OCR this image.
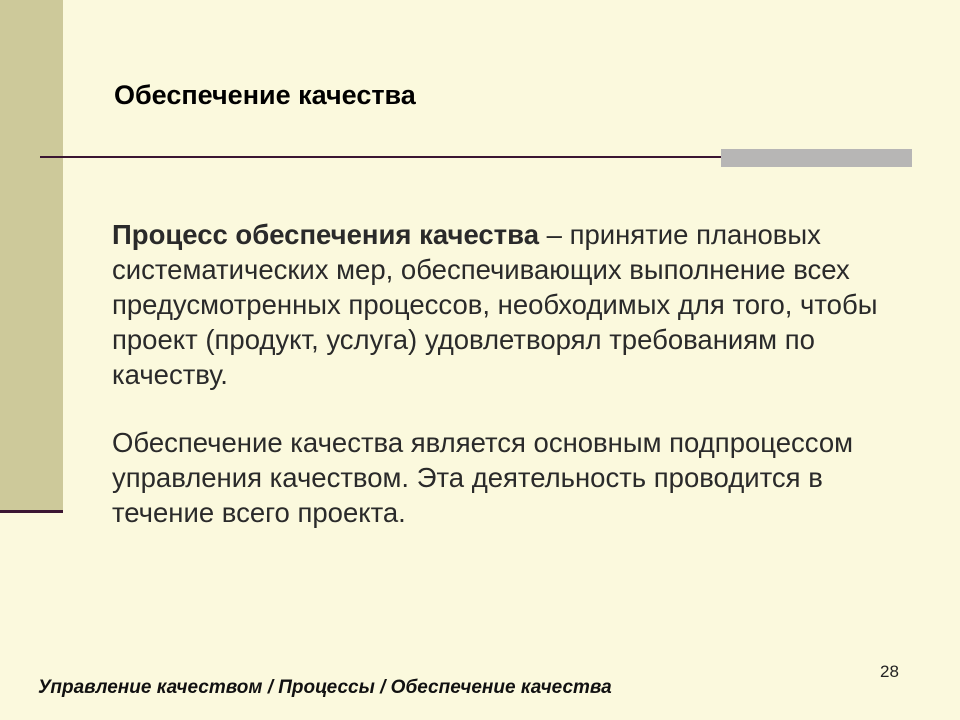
Обеспечение качества

Процесс обеспечения качества – принятие плановых систематических мер, обеспечивающих выполнение всех предусмотренных процессов, необходимых для того, чтобы проект (продукт, услуга) удовлетворял требованиям по качеству.

Обеспечение качества является основным подпроцессом управления качеством. Эта деятельность проводится в течение всего проекта.

28
Управление качеством / Процессы / Обеспечение качества
